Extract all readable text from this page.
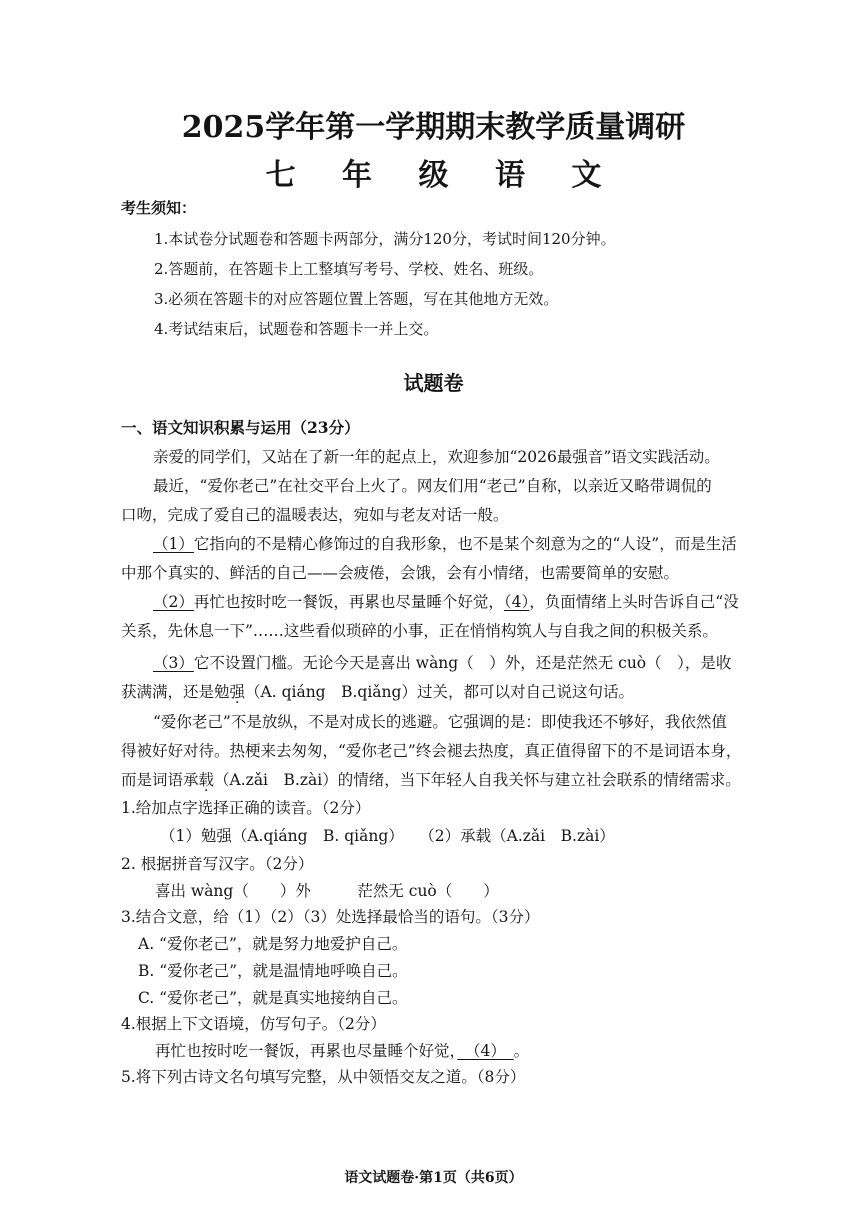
2025学年第一学期期末教学质量调研
七 年 级 语 文
考生须知：
1.本试卷分试题卷和答题卡两部分，满分120分，考试时间120分钟。
2.答题前，在答题卡上工整填写考号、学校、姓名、班级。
3.必须在答题卡的对应答题位置上答题，写在其他地方无效。
4.考试结束后，试题卷和答题卡一并上交。
试题卷
一、语文知识积累与运用（23分）
亲爱的同学们，又站在了新一年的起点上，欢迎参加“2026最强音”语文实践活动。
最近，“爱你老己”在社交平台上火了。网友们用“老己”自称，以亲近又略带调侃的
口吻，完成了爱自己的温暖表达，宛如与老友对话一般。
（1）它指向的不是精心修饰过的自我形象，也不是某个刻意为之的“人设”，而是生活
中那个真实的、鲜活的自己——会疲倦，会饿，会有小情绪，也需要简单的安慰。
（2）再忙也按时吃一餐饭，再累也尽量睡个好觉，（4），负面情绪上头时告诉自己“没
关系，先休息一下”……这些看似琐碎的小事，正在悄悄构筑人与自我之间的积极关系。
（3）它不设置门槛。无论今天是喜出 wàng（　）外，还是茫然无 cuò（　），是收
获满满，还是勉强（A. qiáng　B.qiǎng）过关，都可以对自己说这句话。
“爱你老己”不是放纵，不是对成长的逃避。它强调的是：即使我还不够好，我依然值
得被好好对待。热梗来去匆匆，“爱你老己”终会褪去热度，真正值得留下的不是词语本身，
而是词语承载（A.zǎi　B.zài）的情绪，当下年轻人自我关怀与建立社会联系的情绪需求。
1.给加点字选择正确的读音。（2分）
（1）勉强（A.qiáng　B. qiǎng）　　（2）承载（A.zǎi　B.zài）
2. 根据拼音写汉字。（2分）
喜出 wàng（　　）外　　　茫然无 cuò（　　）
3.结合文意，给（1）（2）（3）处选择最恰当的语句。（3分）
A. “爱你老己”，就是努力地爱护自己。
B. “爱你老己”，就是温情地呼唤自己。
C. “爱你老己”，就是真实地接纳自己。
4.根据上下文语境，仿写句子。（2分）
再忙也按时吃一餐饭，再累也尽量睡个好觉，　（4）　。
5.将下列古诗文名句填写完整，从中领悟交友之道。（8分）
语文试题卷·第1页（共6页）
